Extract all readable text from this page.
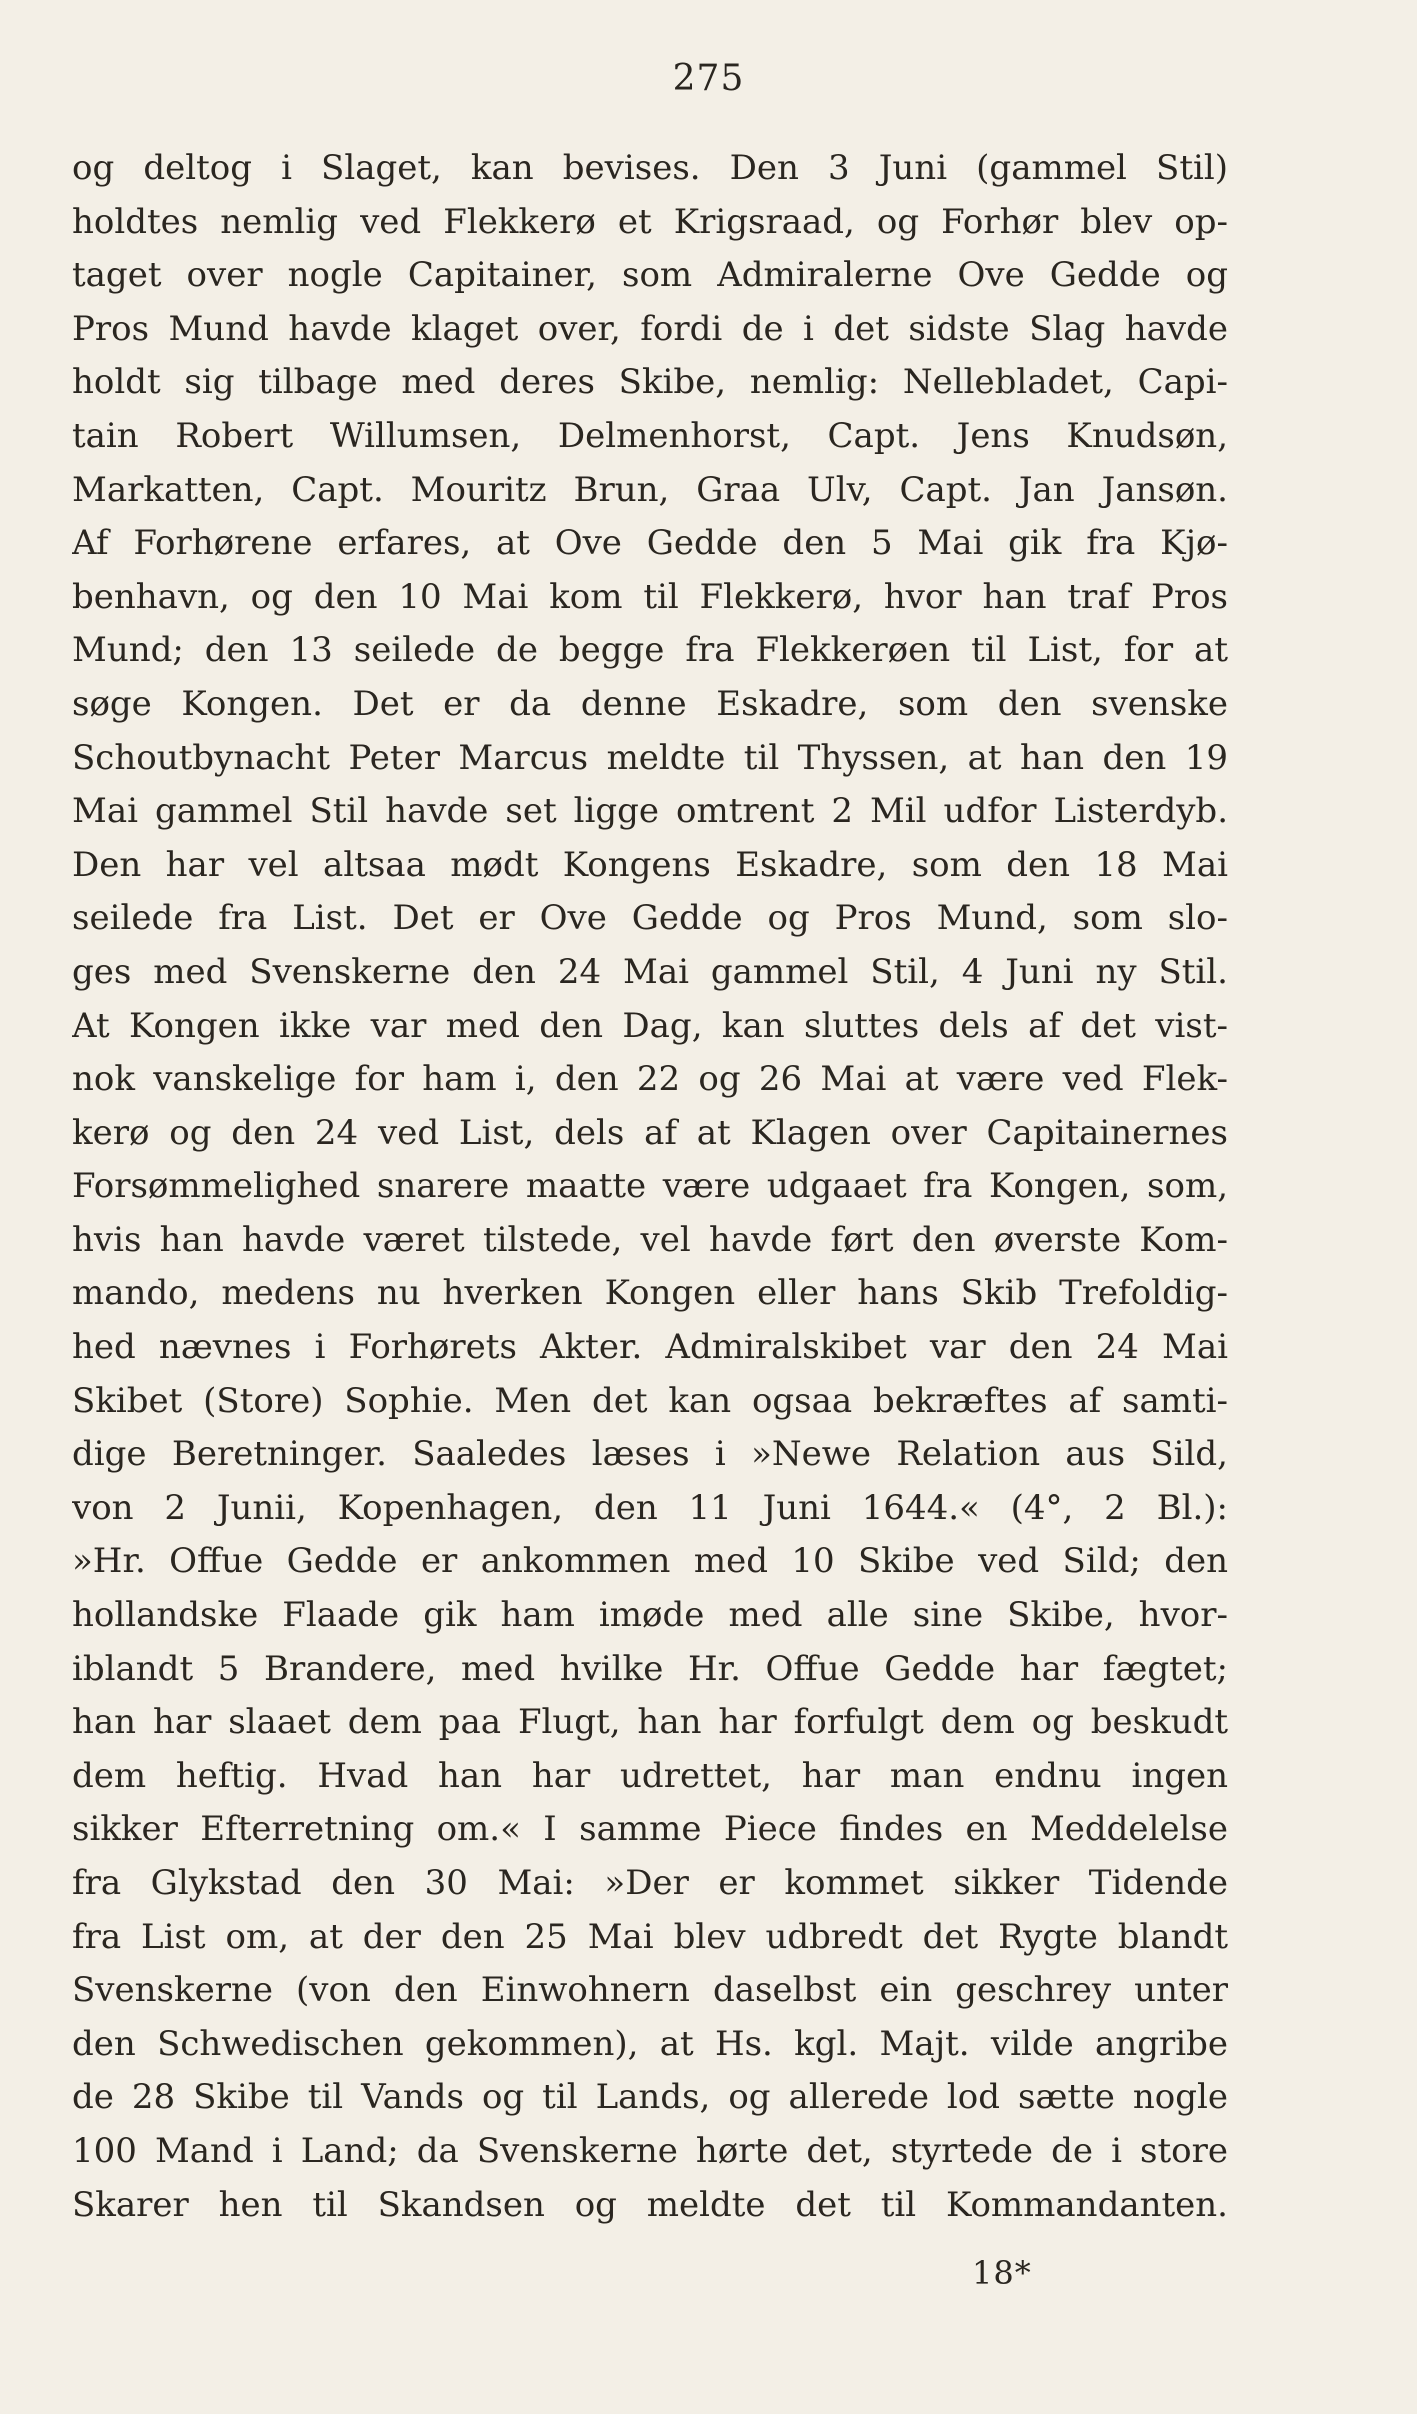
275
og deltog i Slaget, kan bevises. Den 3 Juni (gammel Stil)
holdtes nemlig ved Flekkerø et Krigsraad, og Forhør blev op-
taget over nogle Capitainer, som Admiralerne Ove Gedde og
Pros Mund havde klaget over, fordi de i det sidste Slag havde
holdt sig tilbage med deres Skibe, nemlig: Nellebladet, Capi-
tain Robert Willumsen, Delmenhorst, Capt. Jens Knudsøn,
Markatten, Capt. Mouritz Brun, Graa Ulv, Capt. Jan Jansøn.
Af Forhørene erfares, at Ove Gedde den 5 Mai gik fra Kjø-
benhavn, og den 10 Mai kom til Flekkerø, hvor han traf Pros
Mund; den 13 seilede de begge fra Flekkerøen til List, for at
søge Kongen. Det er da denne Eskadre, som den svenske
Schoutbynacht Peter Marcus meldte til Thyssen, at han den 19
Mai gammel Stil havde set ligge omtrent 2 Mil udfor Listerdyb.
Den har vel altsaa mødt Kongens Eskadre, som den 18 Mai
seilede fra List. Det er Ove Gedde og Pros Mund, som slo-
ges med Svenskerne den 24 Mai gammel Stil, 4 Juni ny Stil.
At Kongen ikke var med den Dag, kan sluttes dels af det vist-
nok vanskelige for ham i, den 22 og 26 Mai at være ved Flek-
kerø og den 24 ved List, dels af at Klagen over Capitainernes
Forsømmelighed snarere maatte være udgaaet fra Kongen, som,
hvis han havde været tilstede, vel havde ført den øverste Kom-
mando, medens nu hverken Kongen eller hans Skib Trefoldig-
hed nævnes i Forhørets Akter. Admiralskibet var den 24 Mai
Skibet (Store) Sophie. Men det kan ogsaa bekræftes af samti-
dige Beretninger. Saaledes læses i »Newe Relation aus Sild,
von 2 Junii, Kopenhagen, den 11 Juni 1644.« (4°, 2 Bl.):
»Hr. Offue Gedde er ankommen med 10 Skibe ved Sild; den
hollandske Flaade gik ham imøde med alle sine Skibe, hvor-
iblandt 5 Brandere, med hvilke Hr. Offue Gedde har fægtet;
han har slaaet dem paa Flugt, han har forfulgt dem og beskudt
dem heftig. Hvad han har udrettet, har man endnu ingen
sikker Efterretning om.« I samme Piece findes en Meddelelse
fra Glykstad den 30 Mai: »Der er kommet sikker Tidende
fra List om, at der den 25 Mai blev udbredt det Rygte blandt
Svenskerne (von den Einwohnern daselbst ein geschrey unter
den Schwedischen gekommen), at Hs. kgl. Majt. vilde angribe
de 28 Skibe til Vands og til Lands, og allerede lod sætte nogle
100 Mand i Land; da Svenskerne hørte det, styrtede de i store
Skarer hen til Skandsen og meldte det til Kommandanten.
18*
